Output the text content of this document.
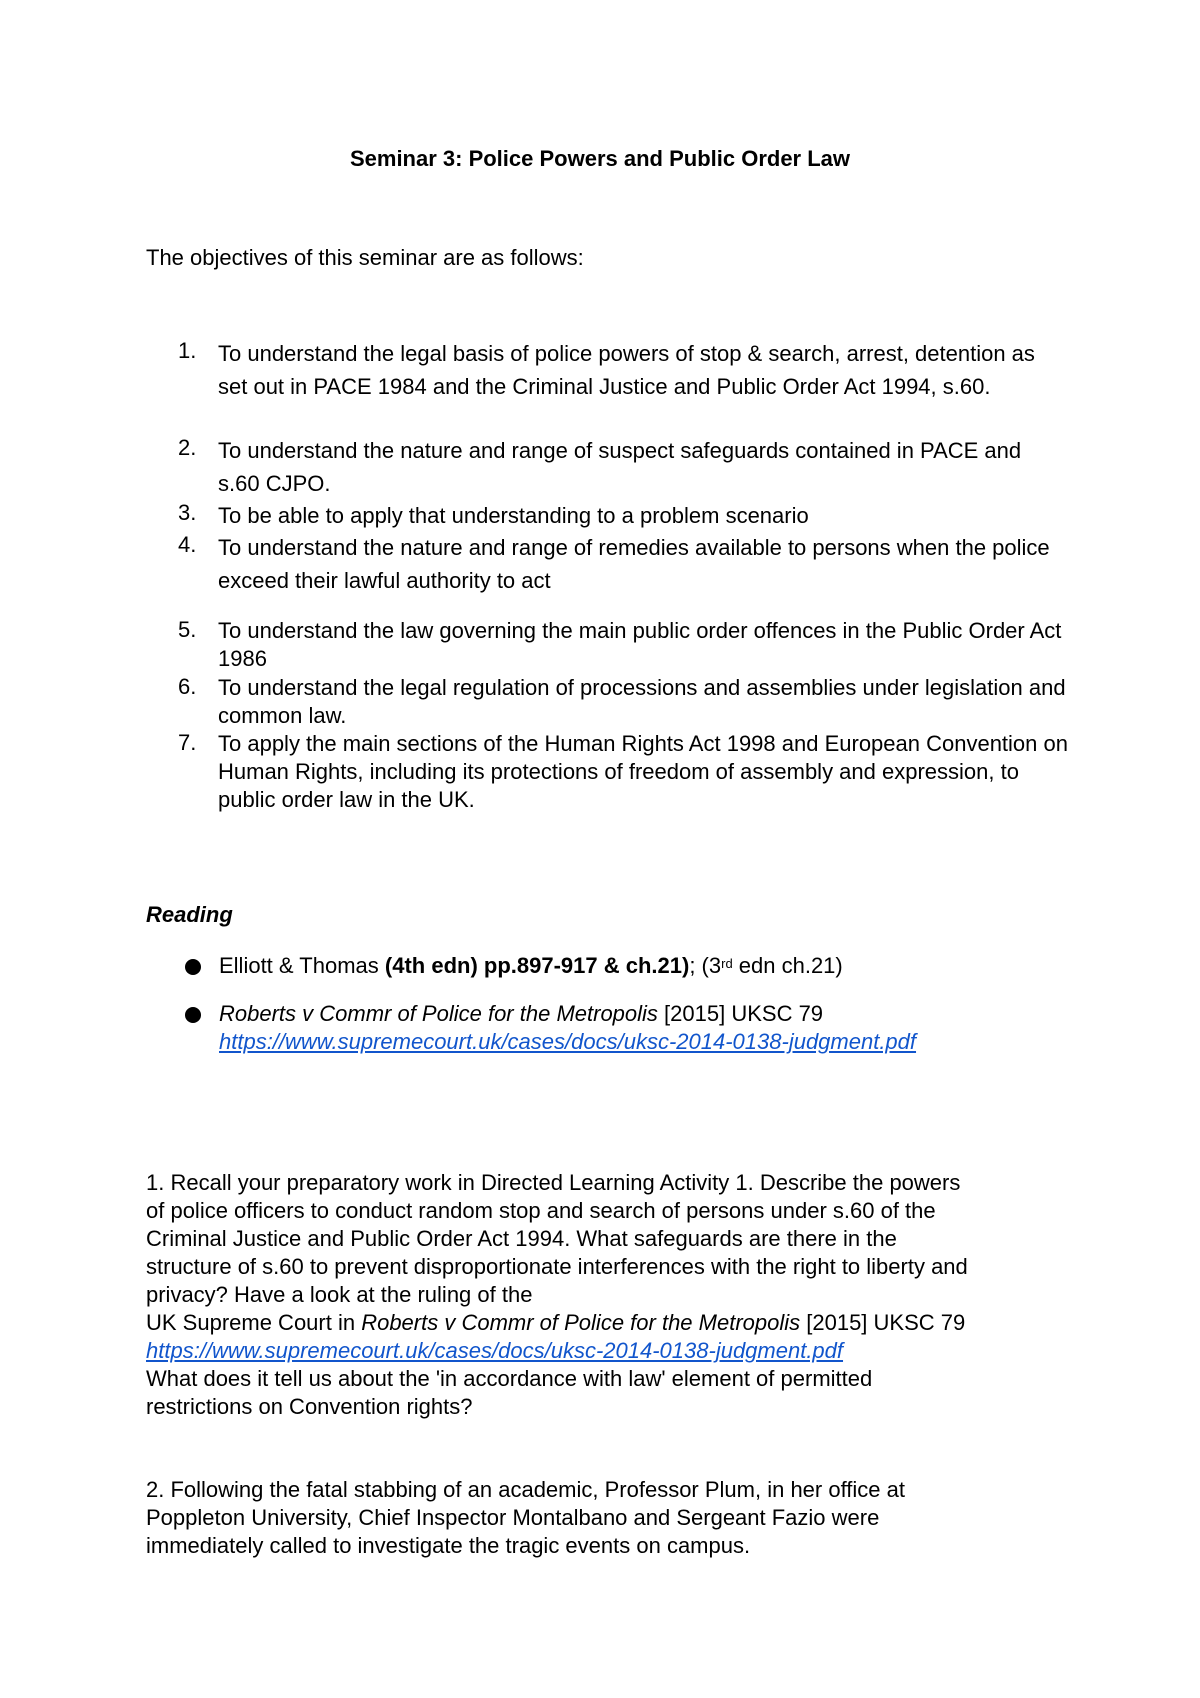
Seminar 3: Police Powers and Public Order Law
The objectives of this seminar are as follows:
1. To understand the legal basis of police powers of stop & search, arrest, detention as set out in PACE 1984 and the Criminal Justice and Public Order Act 1994, s.60.
2. To understand the nature and range of suspect safeguards contained in PACE and s.60 CJPO.
3. To be able to apply that understanding to a problem scenario
4. To understand the nature and range of remedies available to persons when the police exceed their lawful authority to act
5. To understand the law governing the main public order offences in the Public Order Act 1986
6. To understand the legal regulation of processions and assemblies under legislation and common law.
7. To apply the main sections of the Human Rights Act 1998 and European Convention on Human Rights, including its protections of freedom of assembly and expression, to public order law in the UK.
Reading
Elliott & Thomas (4th edn) pp.897-917 & ch.21); (3rd edn ch.21)
Roberts v Commr of Police for the Metropolis [2015] UKSC 79
https://www.supremecourt.uk/cases/docs/uksc-2014-0138-judgment.pdf
1. Recall your preparatory work in Directed Learning Activity 1. Describe the powers
of police officers to conduct random stop and search of persons under s.60 of the
Criminal Justice and Public Order Act 1994. What safeguards are there in the
structure of s.60 to prevent disproportionate interferences with the right to liberty and
privacy? Have a look at the ruling of the
UK Supreme Court in Roberts v Commr of Police for the Metropolis [2015] UKSC 79
https://www.supremecourt.uk/cases/docs/uksc-2014-0138-judgment.pdf
What does it tell us about the 'in accordance with law' element of permitted
restrictions on Convention rights?
2. Following the fatal stabbing of an academic, Professor Plum, in her office at
Poppleton University, Chief Inspector Montalbano and Sergeant Fazio were
immediately called to investigate the tragic events on campus.
